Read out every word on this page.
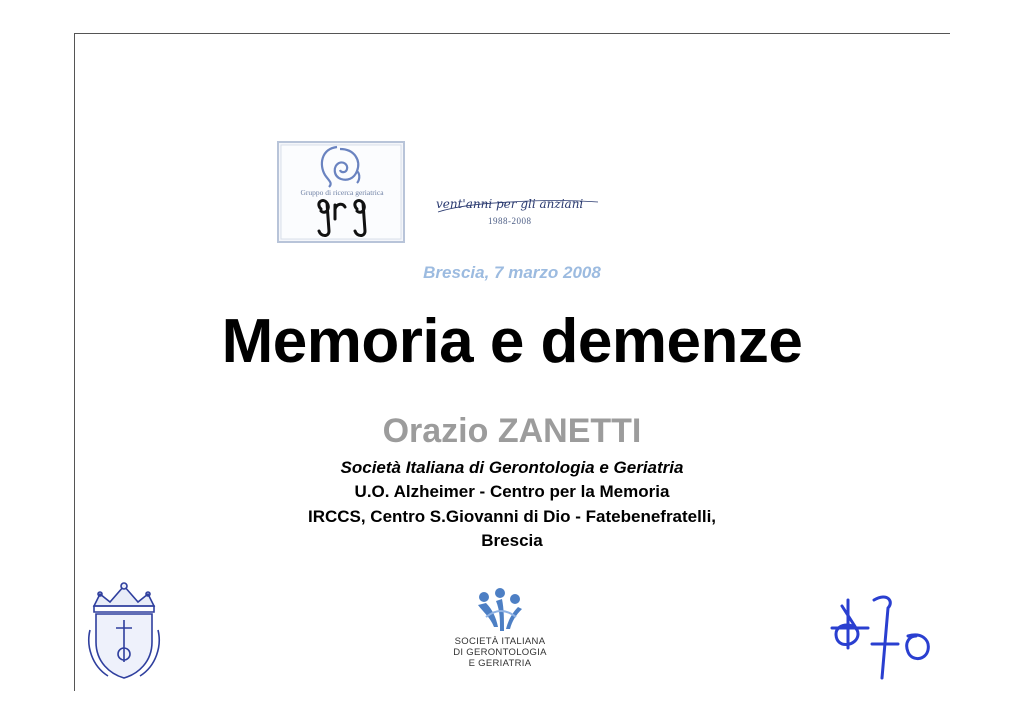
Gruppo di ricerca geriatrica
vent'anni per gli anziani
1988-2008
Brescia, 7 marzo 2008
Memoria e demenze
Orazio ZANETTI
Società Italiana di Gerontologia e Geriatria
U.O. Alzheimer - Centro per la Memoria
IRCCS, Centro S.Giovanni di Dio - Fatebenefratelli,
Brescia
SOCIETÀ ITALIANA
DI GERONTOLOGIA
E GERIATRIA
